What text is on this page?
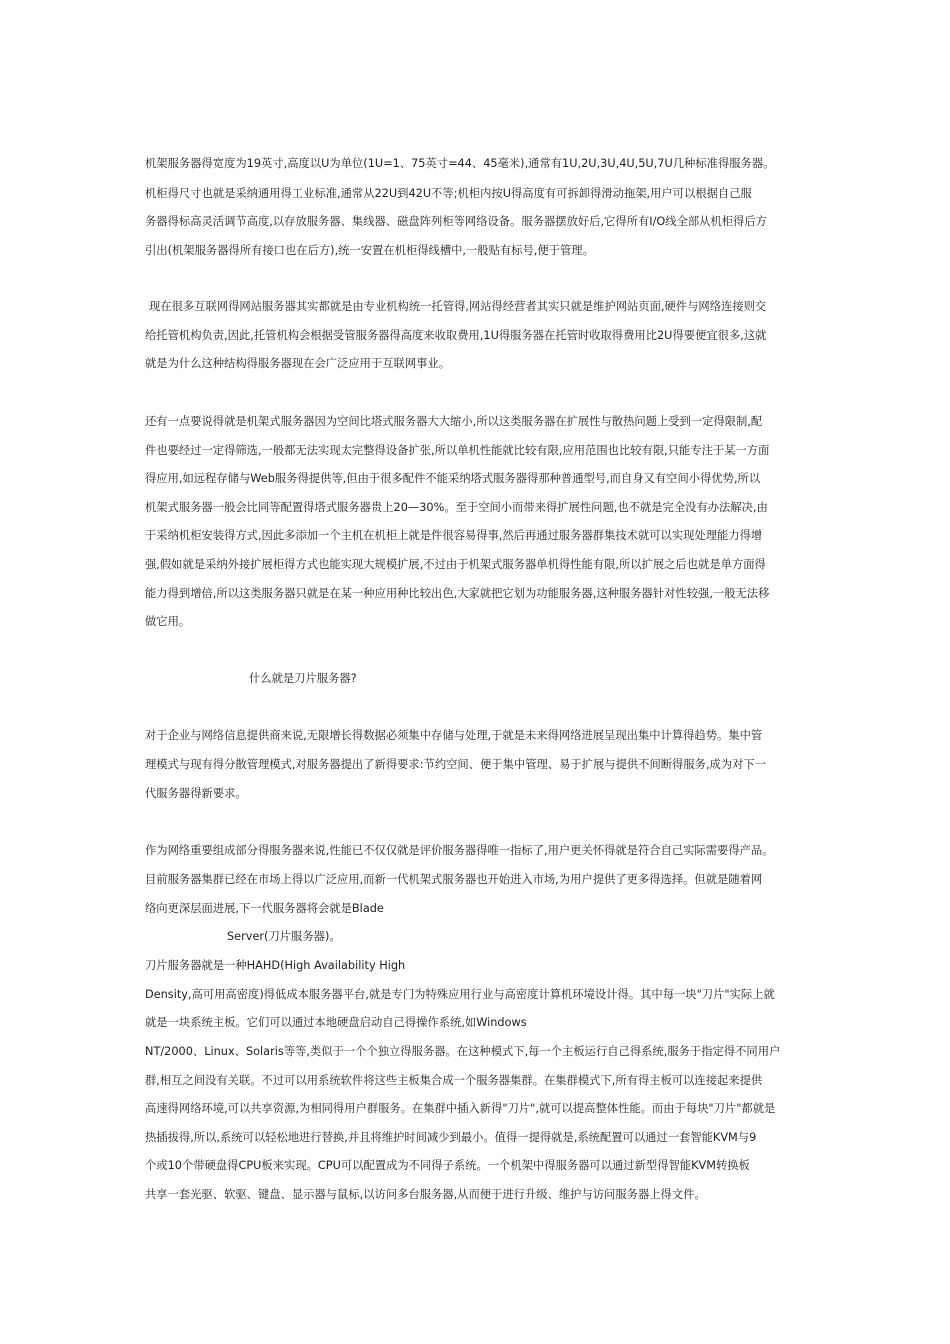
机架服务器得宽度为19英寸,高度以U为单位(1U=1、75英寸=44、45毫米),通常有1U,2U,3U,4U,5U,7U几种标准得服务器。
机柜得尺寸也就是采纳通用得工业标准,通常从22U到42U不等;机柜内按U得高度有可拆卸得滑动拖架,用户可以根据自己服
务器得标高灵活调节高度,以存放服务器、集线器、磁盘阵列柜等网络设备。服务器摆放好后,它得所有I/O线全部从机柜得后方
引出(机架服务器得所有接口也在后方),统一安置在机柜得线槽中,一般贴有标号,便于管理。
现在很多互联网得网站服务器其实都就是由专业机构统一托管得,网站得经营者其实只就是维护网站页面,硬件与网络连接则交
给托管机构负责,因此,托管机构会根据受管服务器得高度来收取费用,1U得服务器在托管时收取得费用比2U得要便宜很多,这就
就是为什么这种结构得服务器现在会广泛应用于互联网事业。
还有一点要说得就是机架式服务器因为空间比塔式服务器大大缩小,所以这类服务器在扩展性与散热问题上受到一定得限制,配
件也要经过一定得筛选,一般都无法实现太完整得设备扩张,所以单机性能就比较有限,应用范围也比较有限,只能专注于某一方面
得应用,如远程存储与Web服务得提供等,但由于很多配件不能采纳塔式服务器得那种普通型号,而自身又有空间小得优势,所以
机架式服务器一般会比同等配置得塔式服务器贵上20—30%。至于空间小而带来得扩展性问题,也不就是完全没有办法解决,由
于采纳机柜安装得方式,因此多添加一个主机在机柜上就是件很容易得事,然后再通过服务器群集技术就可以实现处理能力得增
强,假如就是采纳外接扩展柜得方式也能实现大规模扩展,不过由于机架式服务器单机得性能有限,所以扩展之后也就是单方面得
能力得到增倍,所以这类服务器只就是在某一种应用种比较出色,大家就把它划为功能服务器,这种服务器针对性较强,一般无法移
做它用。
什么就是刀片服务器?
对于企业与网络信息提供商来说,无限增长得数据必须集中存储与处理,于就是未来得网络进展呈现出集中计算得趋势。集中管
理模式与现有得分散管理模式,对服务器提出了新得要求:节约空间、便于集中管理、易于扩展与提供不间断得服务,成为对下一
代服务器得新要求。
作为网络重要组成部分得服务器来说,性能已不仅仅就是评价服务器得唯一指标了,用户更关怀得就是符合自己实际需要得产品。
目前服务器集群已经在市场上得以广泛应用,而新一代机架式服务器也开始进入市场,为用户提供了更多得选择。但就是随着网
络向更深层面进展,下一代服务器将会就是Blade
Server(刀片服务器)。
刀片服务器就是一种HAHD(High Availability High
Density,高可用高密度)得低成本服务器平台,就是专门为特殊应用行业与高密度计算机环境设计得。其中每一块"刀片"实际上就
就是一块系统主板。它们可以通过本地硬盘启动自己得操作系统,如Windows
NT/2000、Linux、Solaris等等,类似于一个个独立得服务器。在这种模式下,每一个主板运行自己得系统,服务于指定得不同用户
群,相互之间没有关联。不过可以用系统软件将这些主板集合成一个服务器集群。在集群模式下,所有得主板可以连接起来提供
高速得网络环境,可以共享资源,为相同得用户群服务。在集群中插入新得"刀片",就可以提高整体性能。而由于每块"刀片"都就是
热插拔得,所以,系统可以轻松地进行替换,并且将维护时间减少到最小。值得一提得就是,系统配置可以通过一套智能KVM与9
个或10个带硬盘得CPU板来实现。CPU可以配置成为不同得子系统。一个机架中得服务器可以通过新型得智能KVM转换板
共享一套光驱、软驱、键盘、显示器与鼠标,以访问多台服务器,从而便于进行升级、维护与访问服务器上得文件。
